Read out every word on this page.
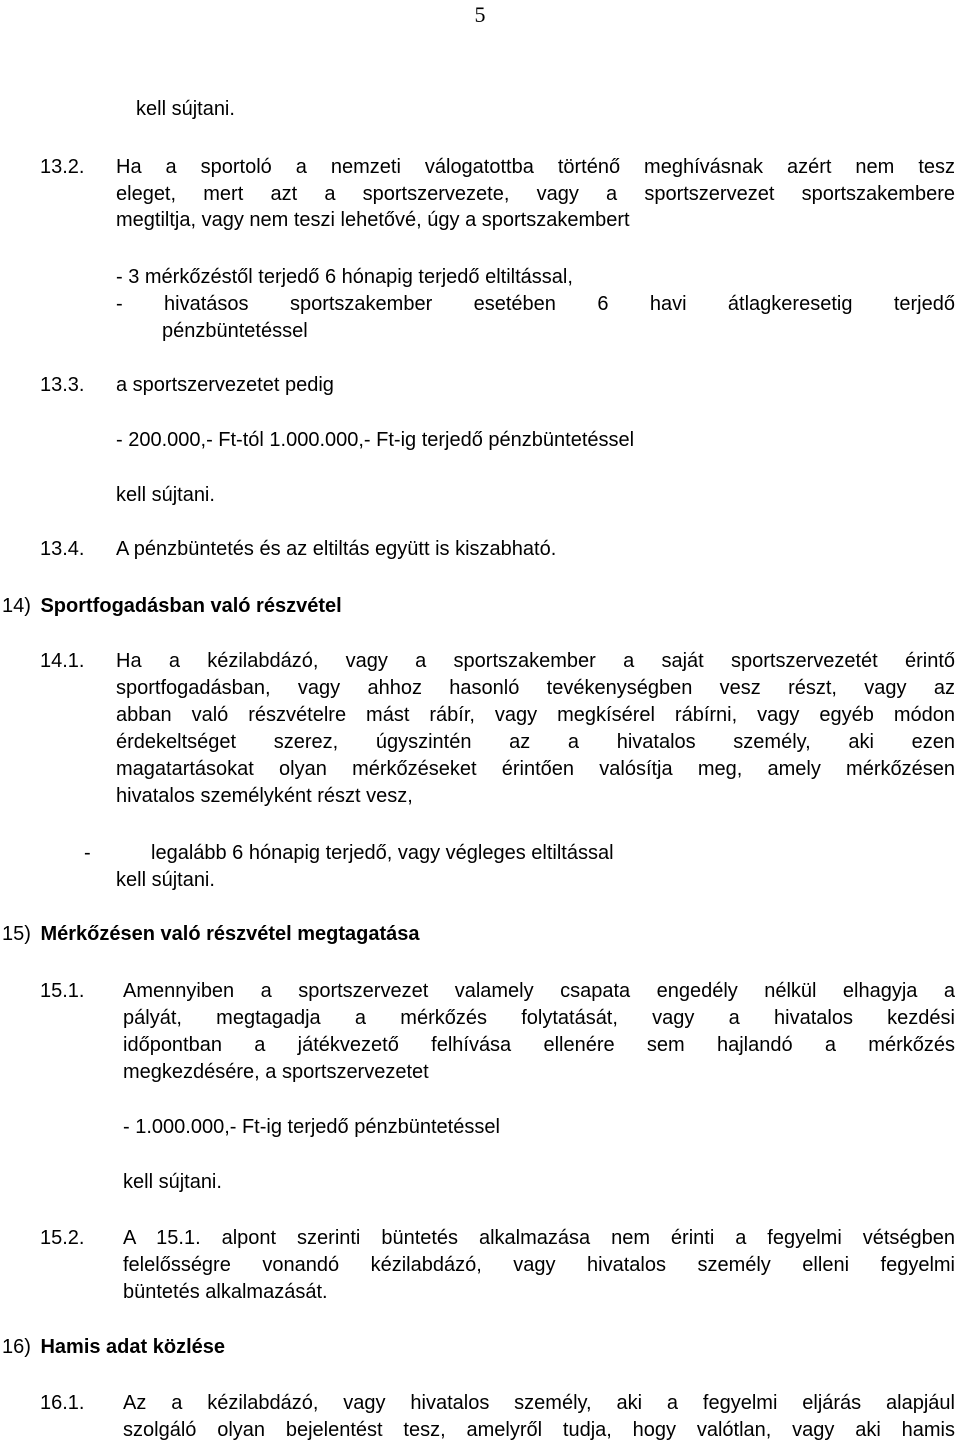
5
kell sújtani.
13.2. Ha a sportoló a nemzeti válogatottba történő meghívásnak azért nem tesz
eleget, mert azt a sportszervezete, vagy a sportszervezet sportszakembere
megtiltja, vagy nem teszi lehetővé, úgy a sportszakembert
- 3 mérkőzéstől terjedő 6 hónapig terjedő eltiltással,
- hivatásos sportszakember esetében 6 havi átlagkeresetig terjedő
pénzbüntetéssel
13.3. a sportszervezetet pedig
- 200.000,- Ft-tól 1.000.000,- Ft-ig terjedő pénzbüntetéssel
kell sújtani.
13.4. A pénzbüntetés és az eltiltás együtt is kiszabható.
14) Sportfogadásban való részvétel
14.1. Ha a kézilabdázó, vagy a sportszakember a saját sportszervezetét érintő
sportfogadásban, vagy ahhoz hasonló tevékenységben vesz részt, vagy az
abban való részvételre mást rábír, vagy megkísérel rábírni, vagy egyéb módon
érdekeltséget szerez, úgyszintén az a hivatalos személy, aki ezen
magatartásokat olyan mérkőzéseket érintően valósítja meg, amely mérkőzésen
hivatalos személyként részt vesz,
-	legalább 6 hónapig terjedő, vagy végleges eltiltással
kell sújtani.
15) Mérkőzésen való részvétel megtagatása
15.1. Amennyiben a sportszervezet valamely csapata engedély nélkül elhagyja a
pályát, megtagadja a mérkőzés folytatását, vagy a hivatalos kezdési
időpontban a játékvezető felhívása ellenére sem hajlandó a mérkőzés
megkezdésére, a sportszervezetet
- 1.000.000,- Ft-ig terjedő pénzbüntetéssel
kell sújtani.
15.2. A 15.1. alpont szerinti büntetés alkalmazása nem érinti a fegyelmi vétségben
felelősségre vonandó kézilabdázó, vagy hivatalos személy elleni fegyelmi
büntetés alkalmazását.
16) Hamis adat közlése
16.1. Az a kézilabdázó, vagy hivatalos személy, aki a fegyelmi eljárás alapjául
szolgáló olyan bejelentést tesz, amelyről tudja, hogy valótlan, vagy aki hamis
